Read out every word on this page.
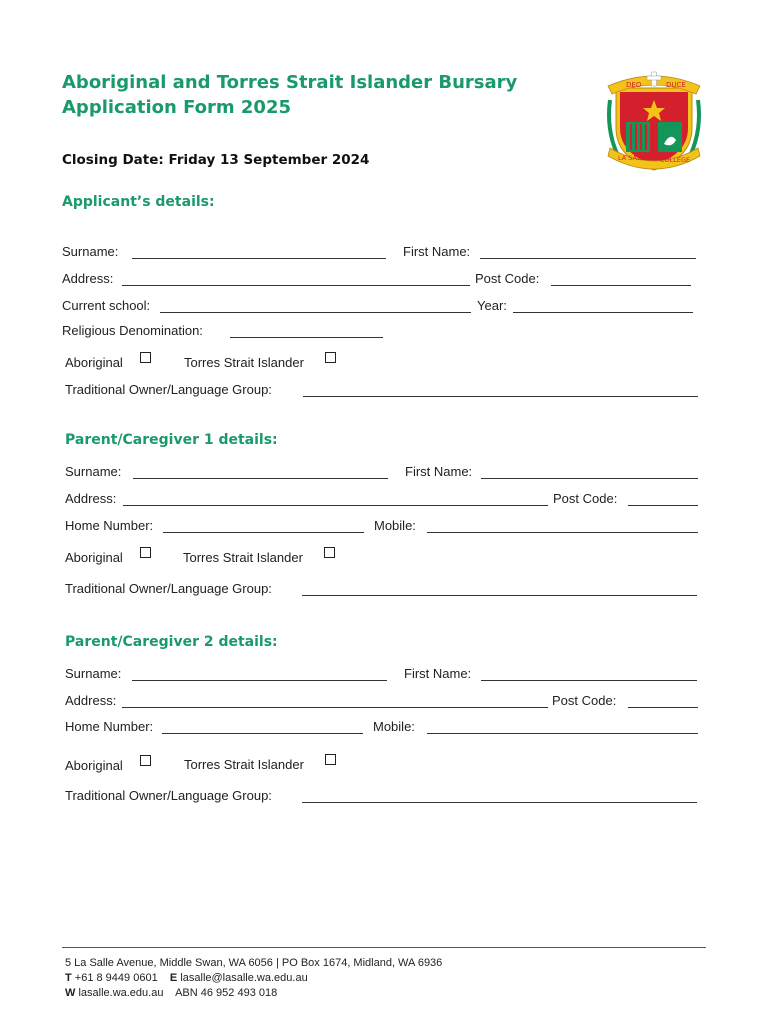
Aboriginal and Torres Strait Islander Bursary
Application Form 2025
Closing Date: Friday 13 September 2024
DEO	DUCE
LA SALLE COLLEGE
Applicant’s details:
Surname:	First Name:
Address:	Post Code:
Current school:	Year:
Religious Denomination:
Aboriginal	Torres Strait Islander
Traditional Owner/Language Group:
Parent/Caregiver 1 details:
Surname:	First Name:
Address:	Post Code:
Home Number:	Mobile:
Aboriginal	Torres Strait Islander
Traditional Owner/Language Group:
Parent/Caregiver 2 details:
Surname:	First Name:
Address:	Post Code:
Home Number:	Mobile:
Aboriginal	Torres Strait Islander
Traditional Owner/Language Group:
5 La Salle Avenue, Middle Swan, WA 6056 | PO Box 1674, Midland, WA 6936
T +61 8 9449 0601 E lasalle@lasalle.wa.edu.au
W lasalle.wa.edu.au ABN 46 952 493 018
